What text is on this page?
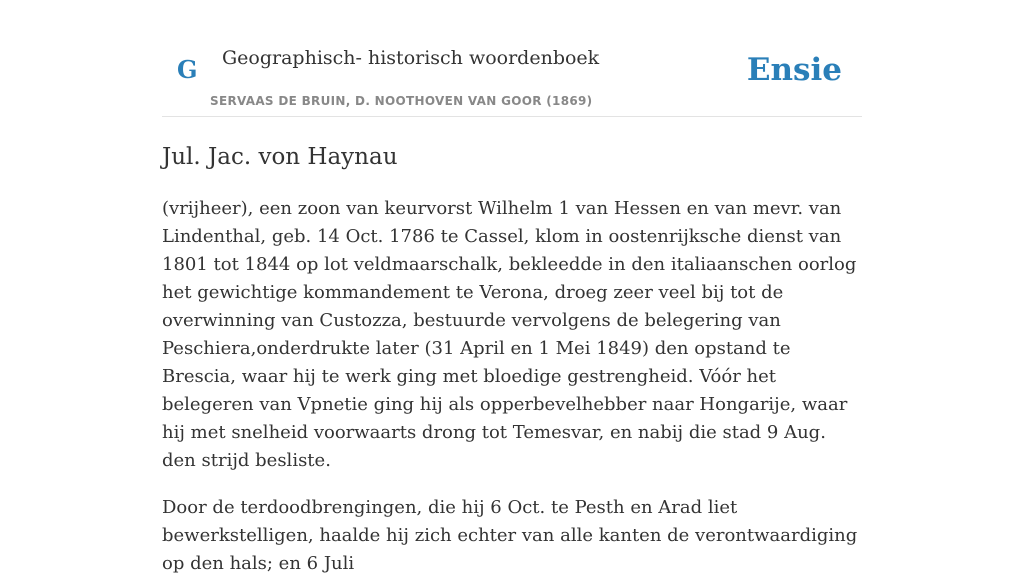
G Geographisch- historisch woordenboek
SERVAAS DE BRUIN, D. NOOTHOVEN VAN GOOR (1869)
Ensie
Jul. Jac. von Haynau

(vrijheer), een zoon van keurvorst Wilhelm 1 van Hessen en van mevr. van Lindenthal, geb. 14 Oct. 1786 te Cassel, klom in oostenrijksche dienst van 1801 tot 1844 op lot veldmaarschalk, bekleedde in den italiaanschen oorlog het gewichtige kommandement te Verona, droeg zeer veel bij tot de overwinning van Custozza, bestuurde vervolgens de belegering van Peschiera,onderdrukte later (31 April en 1 Mei 1849) den opstand te Brescia, waar hij te werk ging met bloedige gestrengheid. Vóór het belegeren van Vpnetie ging hij als opperbevelhebber naar Hongarije, waar hij met snelheid voorwaarts drong tot Temesvar, en nabij die stad 9 Aug. den strijd besliste.

Door de terdoodbrengingen, die hij 6 Oct. te Pesth en Arad liet bewerkstelligen, haalde hij zich echter van alle kanten de verontwaardiging op den hals; en 6 Juli
